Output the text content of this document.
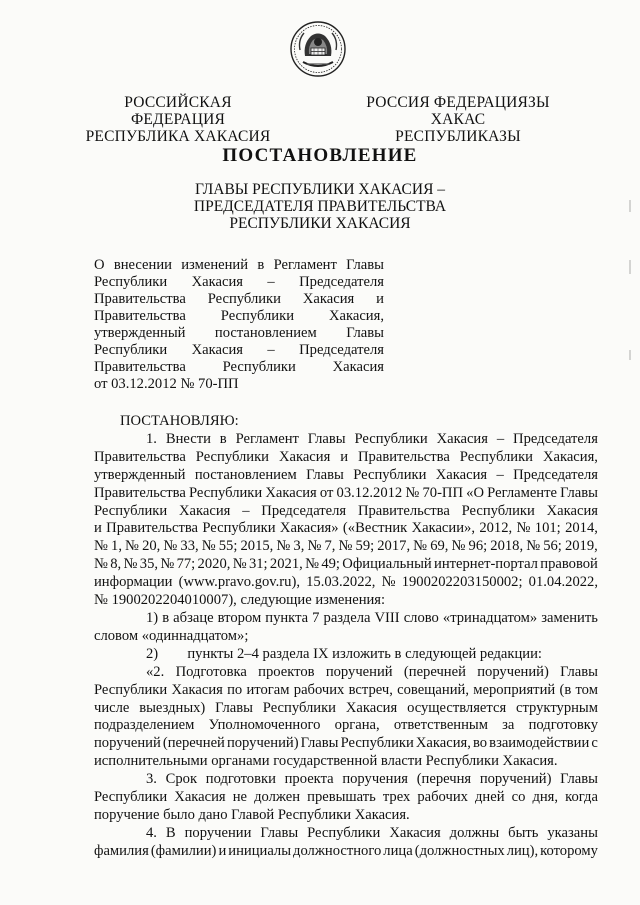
РОССИЙСКАЯ ФЕДЕРАЦИЯ
РЕСПУБЛИКА ХАКАСИЯ
РОССИЯ ФЕДЕРАЦИЯЗЫ
ХАКАС РЕСПУБЛИКАЗЫ
ПОСТАНОВЛЕНИЕ
ГЛАВЫ РЕСПУБЛИКИ ХАКАСИЯ –
ПРЕДСЕДАТЕЛЯ ПРАВИТЕЛЬСТВА
РЕСПУБЛИКИ ХАКАСИЯ
О внесении изменений в Регламент Главы
Республики Хакасия – Председателя
Правительства Республики Хакасия и
Правительства Республики Хакасия,
утвержденный постановлением Главы
Республики Хакасия – Председателя
Правительства	Республики	Хакасия
от 03.12.2012 № 70-ПП
ПОСТАНОВЛЯЮ:
1. Внести в Регламент Главы Республики Хакасия – Председателя
Правительства Республики Хакасия и Правительства Республики Хакасия,
утвержденный постановлением Главы Республики Хакасия – Председателя
Правительства Республики Хакасия от 03.12.2012 № 70-ПП «О Регламенте Главы
Республики Хакасия – Председателя Правительства Республики Хакасия
и Правительства Республики Хакасия» («Вестник Хакасии», 2012, № 101; 2014,
№ 1, № 20, № 33, № 55; 2015, № 3, № 7, № 59; 2017, № 69, № 96; 2018, № 56; 2019,
№ 8, № 35, № 77; 2020, № 31; 2021, № 49; Официальный интернет-портал правовой
информации (www.pravo.gov.ru), 15.03.2022, № 1900202203150002; 01.04.2022,
№ 1900202204010007), следующие изменения:
1) в абзаце втором пункта 7 раздела VIII слово «тринадцатом» заменить
словом «одиннадцатом»;
2)        пункты 2–4 раздела IX изложить в следующей редакции:
«2. Подготовка проектов поручений (перечней поручений) Главы
Республики Хакасия по итогам рабочих встреч, совещаний, мероприятий (в том
числе выездных) Главы Республики Хакасия осуществляется структурным
подразделением Уполномоченного органа, ответственным за подготовку
поручений (перечней поручений) Главы Республики Хакасия, во взаимодействии с
исполнительными органами государственной власти Республики Хакасия.
3. Срок подготовки проекта поручения (перечня поручений) Главы
Республики Хакасия не должен превышать трех рабочих дней со дня, когда
поручение было дано Главой Республики Хакасия.
4. В поручении Главы Республики Хакасия должны быть указаны
фамилия (фамилии) и инициалы должностного лица (должностных лиц), которому
